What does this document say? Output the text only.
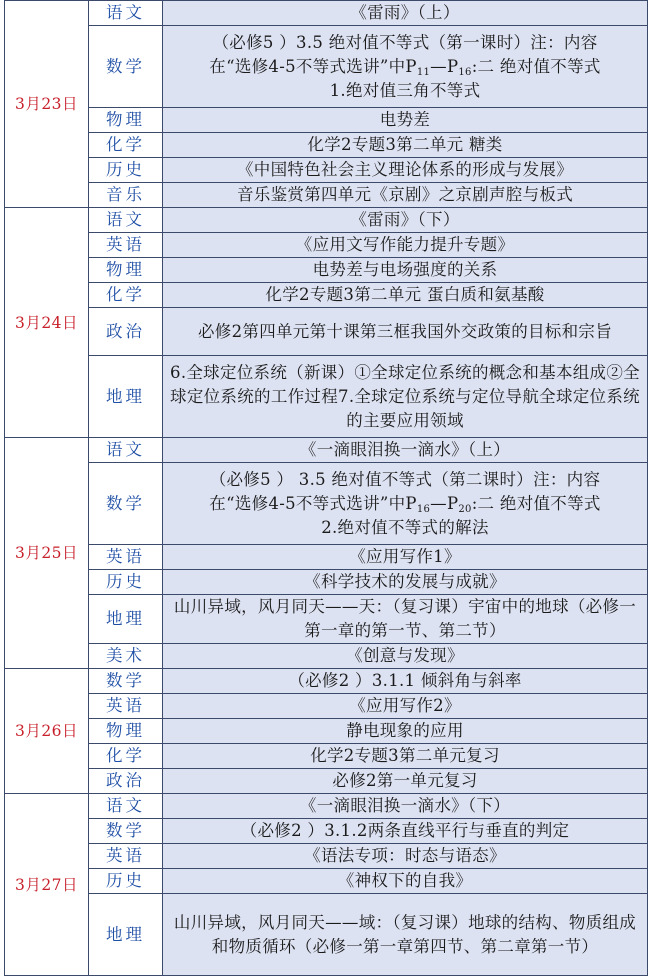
3月23日	语文	《雷雨》（上）
	数学	（必修5 ）3.5 绝对值不等式（第一课时）注：内容
在“选修4-5不等式选讲”中$P_{11}—P_{16}$:二 绝对值不等式
1.绝对值三角不等式

	物理	电势差
	化学	化学2专题3第二单元 糖类
	历史	《中国特色社会主义理论体系的形成与发展》
	音乐	音乐鉴赏第四单元《京剧》之京剧声腔与板式
3月24日	语文	《雷雨》（下）
	英语	《应用文写作能力提升专题》
	物理	电势差与电场强度的关系
	化学	化学2专题3第二单元 蛋白质和氨基酸
	政治	必修2第四单元第十课第三框我国外交政策的目标和宗旨
	地理	6.全球定位系统（新课）①全球定位系统的概念和基本组成②全球定位系统的工作过程7.全球定位系统与定位导航全球定位系统的主要应用领域
3月25日	语文	《一滴眼泪换一滴水》（上）
	数学	（必修5 ） 3.5 绝对值不等式（第二课时）注：内容
在“选修4-5不等式选讲”中$P_{16}—P_{20}$:二 绝对值不等式
2.绝对值不等式的解法

	英语	《应用写作1》
	历史	《科学技术的发展与成就》
	地理	山川异域，风月同天——天：（复习课）宇宙中的地球（必修一第一章的第一节、第二节）
	美术	《创意与发现》
3月26日	数学	（必修2 ）3.1.1 倾斜角与斜率
	英语	《应用写作2》
	物理	静电现象的应用
	化学	化学2专题3第二单元复习
	政治	必修2第一单元复习
3月27日	语文	《一滴眼泪换一滴水》（下）
	数学	（必修2 ）3.1.2两条直线平行与垂直的判定
	英语	《语法专项：时态与语态》
	历史	《神权下的自我》
	地理	山川异域，风月同天——域：（复习课）地球的结构、物质组成和物质循环（必修一第一章第四节、第二章第一节）
